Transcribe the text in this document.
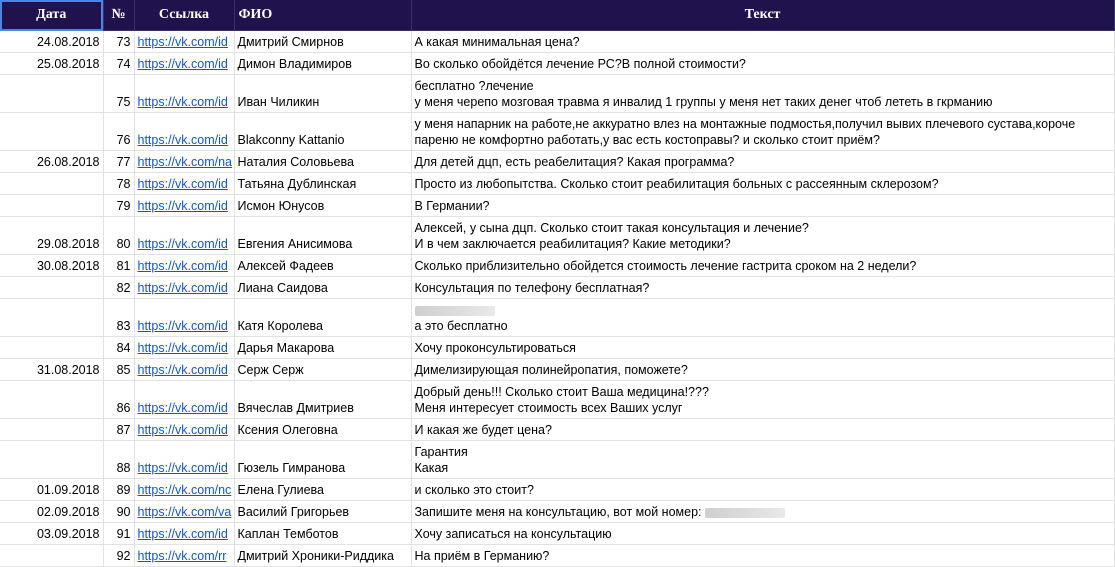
Дата	№	Ссылка	ФИО	Текст
24.08.2018	73	https://vk.com/id	Дмитрий Смирнов	А какая минимальная цена?
25.08.2018	74	https://vk.com/id	Димон Владимиров	Во сколько обойдётся лечение РС?В полной стоимости?
	75	https://vk.com/id	Иван Чиликин	бесплатно ?лечение
у меня черепо мозговая травма я инвалид 1 группы у меня нет таких денег чтоб лететь в гкрманию
	76	https://vk.com/id	Blakconny Kattanio	у меня напарник на работе,не аккуратно влез на монтажные подмостья,получил вывих плечевого сустава,короче
пареню не комфортно работать,у вас есть костоправы? и сколько стоит приём?
26.08.2018	77	https://vk.com/na	Наталия Соловьева	Для детей дцп, есть реабелитация? Какая программа?
	78	https://vk.com/id	Татьяна Дублинская	Просто из любопытства. Сколько стоит реабилитация больных с рассеянным склерозом?
	79	https://vk.com/id	Исмон Юнусов	В Германии?
29.08.2018	80	https://vk.com/id	Евгения Анисимова	Алексей, у сына дцп. Сколько стоит такая консультация и лечение?
И в чем заключается реабилитация? Какие методики?
30.08.2018	81	https://vk.com/id	Алексей Фадеев	Сколько приблизительно обойдется стоимость лечение гастрита сроком на 2 недели?
	82	https://vk.com/id	Лиана Саидова	Консультация по телефону бесплатная?
	83	https://vk.com/id	Катя Королева	а это бесплатно
	84	https://vk.com/id	Дарья Макарова	Хочу проконсультироваться
31.08.2018	85	https://vk.com/id	Серж Серж	Димелизирующая полинейропатия, поможете?
	86	https://vk.com/id	Вячеслав Дмитриев	Добрый день!!! Сколько стоит Ваша медицина!???
Меня интересует стоимость всех Ваших услуг
	87	https://vk.com/id	Ксения Олеговна	И какая же будет цена?
	88	https://vk.com/id	Гюзель Гимранова	Гарантия
Какая
01.09.2018	89	https://vk.com/nc	Елена Гулиева	и сколько это стоит?
02.09.2018	90	https://vk.com/va	Василий Григорьев	Запишите меня на консультацию, вот мой номер:
03.09.2018	91	https://vk.com/id	Каплан Темботов	Хочу записаться на консультацию
	92	https://vk.com/rr	Дмитрий Хроники-Риддика	На приём в Германию?
